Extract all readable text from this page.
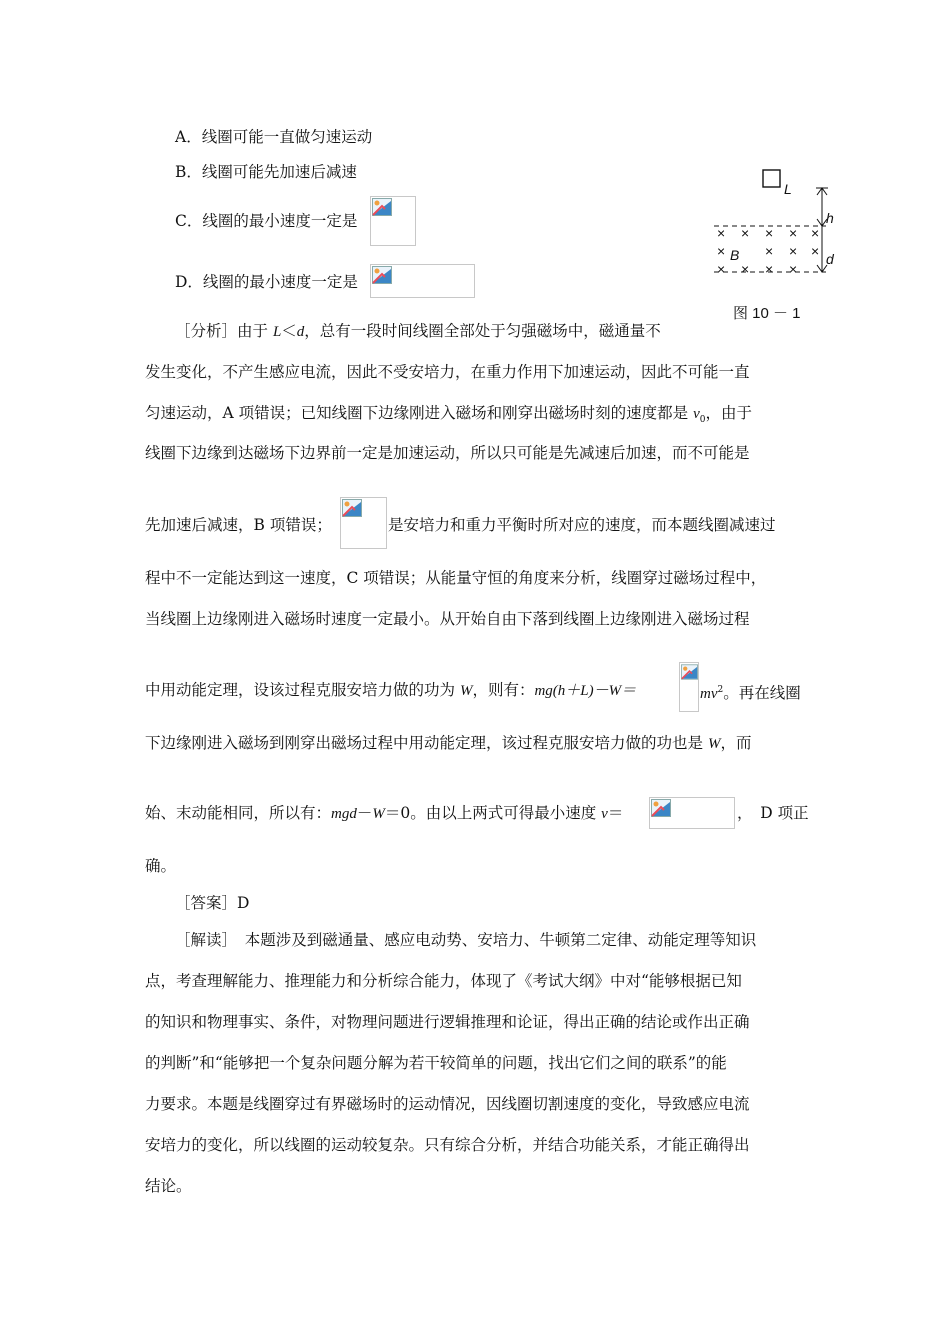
A．线圈可能一直做匀速运动
B．线圈可能先加速后减速
C．线圈的最小速度一定是
D．线圈的最小速度一定是
L
h
d
B
× × × × ×
×	× × ×
× × × ×
图 10 － 1
［分析］由于 L＜d，总有一段时间线圈全部处于匀强磁场中，磁通量不
发生变化，不产生感应电流，因此不受安培力，在重力作用下加速运动，因此不可能一直
匀速运动，A 项错误；已知线圈下边缘刚进入磁场和刚穿出磁场时刻的速度都是 $v_0$，由于
线圈下边缘到达磁场下边界前一定是加速运动，所以只可能是先减速后加速，而不可能是
先加速后减速，B 项错误；	是安培力和重力平衡时所对应的速度，而本题线圈减速过
程中不一定能达到这一速度，C 项错误；从能量守恒的角度来分析，线圈穿过磁场过程中，
当线圈上边缘刚进入磁场时速度一定最小。从开始自由下落到线圈上边缘刚进入磁场过程
中用动能定理，设该过程克服安培力做的功为 W，则有：mg(h＋L)－W＝	$mv^2$。再在线圈
下边缘刚进入磁场到刚穿出磁场过程中用动能定理，该过程克服安培力做的功也是 W，而
始、末动能相同，所以有：mgd－W＝0。由以上两式可得最小速度 v＝	，　D 项正
确。
［答案］D
［解读］　本题涉及到磁通量、感应电动势、安培力、牛顿第二定律、动能定理等知识
点，考查理解能力、推理能力和分析综合能力，体现了《考试大纲》中对“能够根据已知
的知识和物理事实、条件，对物理问题进行逻辑推理和论证，得出正确的结论或作出正确
的判断”和“能够把一个复杂问题分解为若干较简单的问题，找出它们之间的联系”的能
力要求。本题是线圈穿过有界磁场时的运动情况，因线圈切割速度的变化，导致感应电流
安培力的变化，所以线圈的运动较复杂。只有综合分析，并结合功能关系，才能正确得出
结论。
